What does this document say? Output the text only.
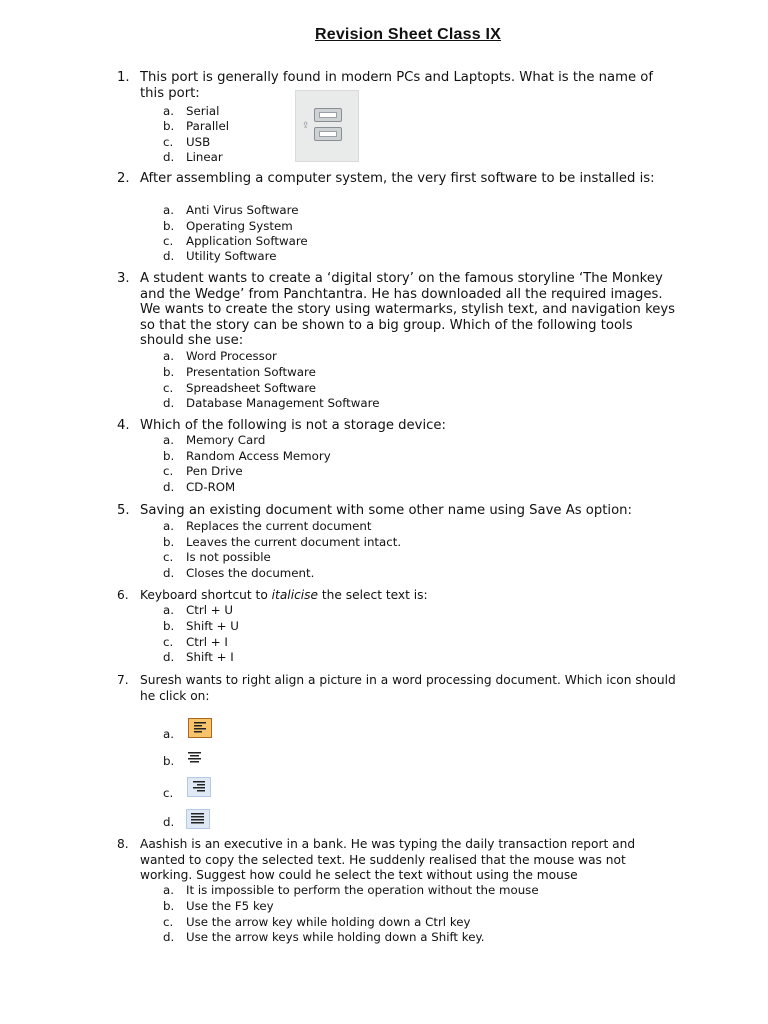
Revision Sheet Class IX
1. This port is generally found in modern PCs and Laptopts. What is the name of this port:
a.	Serial
b. Parallel
c.	USB
d. Linear
⇪
2. After assembling a computer system, the very first software to be installed is:
a.	Anti Virus Software
b. Operating System
c.	Application Software
d. Utility Software
3. A student wants to create a ‘digital story’ on the famous storyline ‘The Monkey and the Wedge’ from Panchtantra. He has downloaded all the required images. We wants to create the story using watermarks, stylish text, and navigation keys so that the story can be shown to a big group. Which of the following tools should she use:
a.	Word Processor
b. Presentation Software
c.	Spreadsheet Software
d. Database Management Software
4. Which of the following is not a storage device:
a.	Memory Card
b. Random Access Memory
c.	Pen Drive
d. CD-ROM
5. Saving an existing document with some other name using Save As option:
a.	Replaces the current document
b. Leaves the current document intact.
c.	Is not possible
d. Closes the document.
6. Keyboard shortcut to italicise the select text is:
a.	Ctrl + U
b. Shift + U
c.	Ctrl + I
d. Shift + I
7. Suresh wants to right align a picture in a word processing document. Which icon should he click on:
a.
b.
c.
d.
8. Aashish is an executive in a bank. He was typing the daily transaction report and wanted to copy the selected text. He suddenly realised that the mouse was not working. Suggest how could he select the text without using the mouse
a.	It is impossible to perform the operation without the mouse
b. Use the F5 key
c.	Use the arrow key while holding down a Ctrl key
d. Use the arrow keys while holding down a Shift key.
